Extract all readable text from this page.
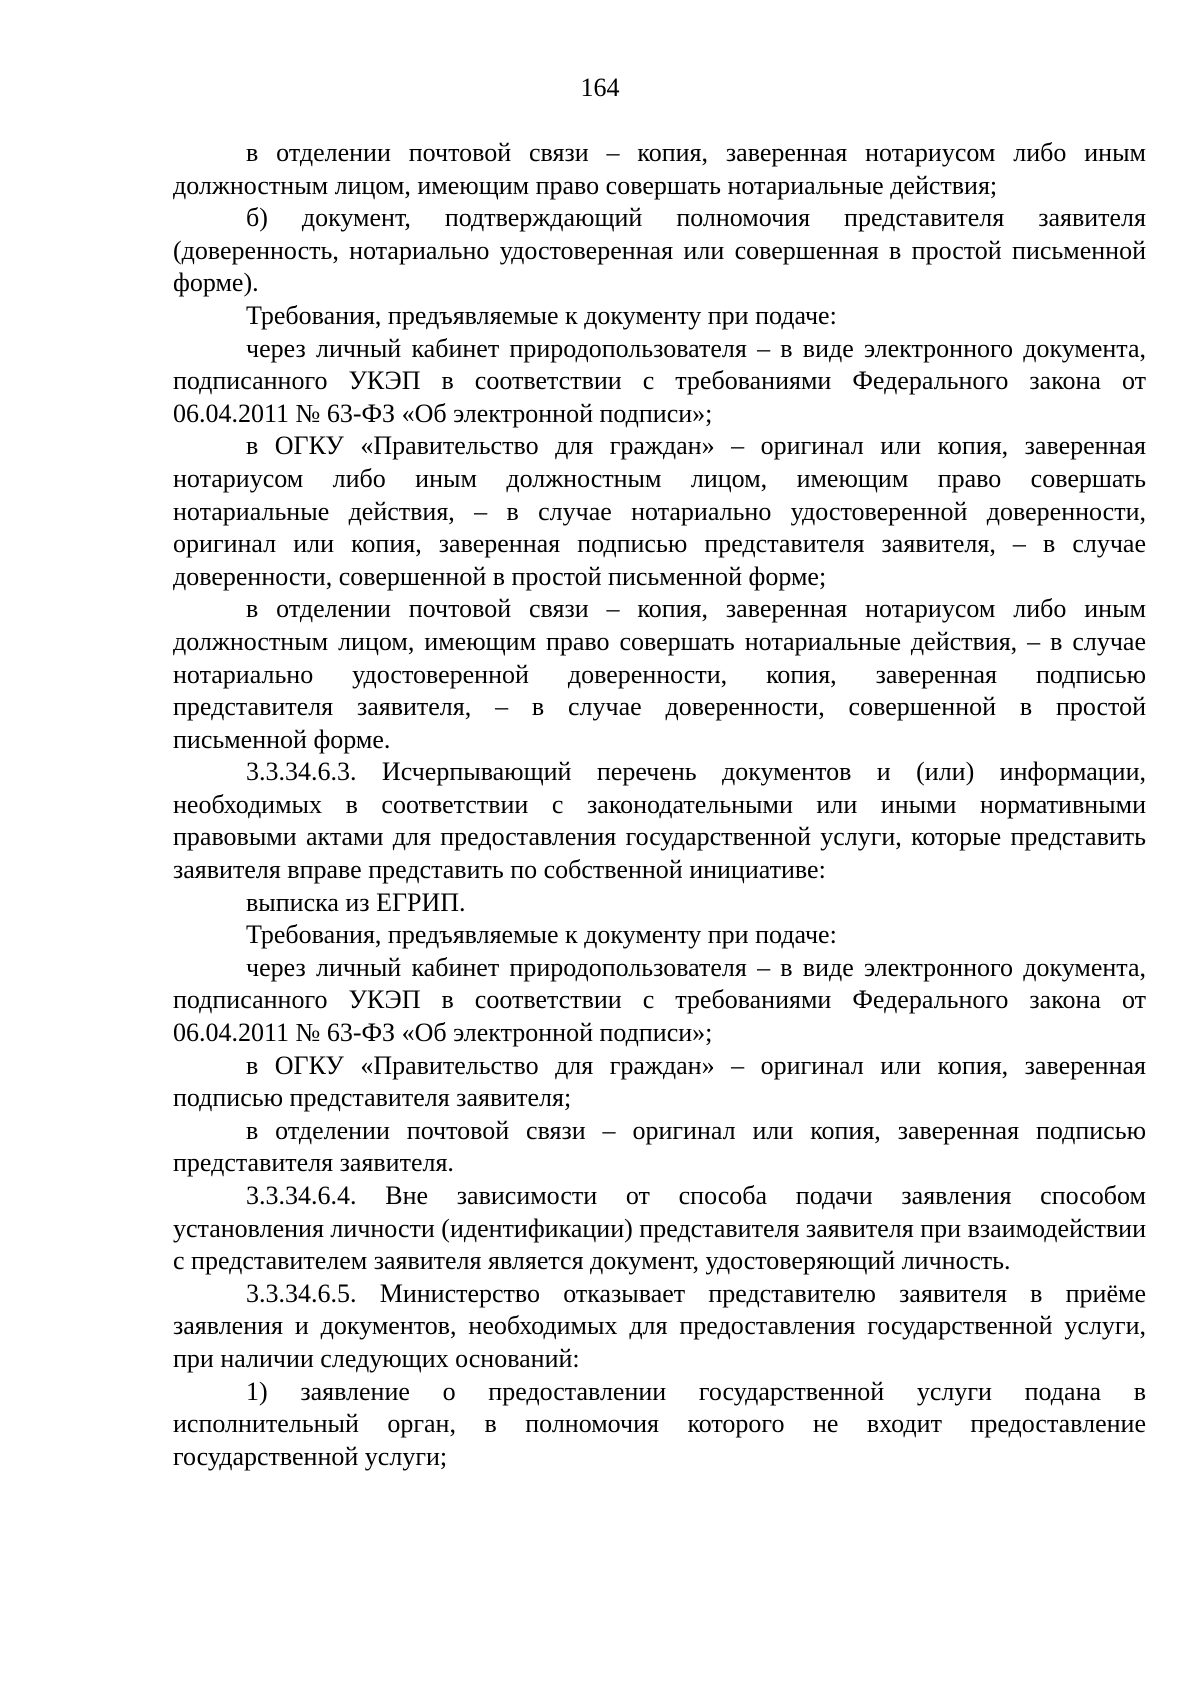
164

в отделении почтовой связи – копия, заверенная нотариусом либо иным должностным лицом, имеющим право совершать нотариальные действия;

б) документ, подтверждающий полномочия представителя заявителя (доверенность, нотариально удостоверенная или совершенная в простой письменной форме).

Требования, предъявляемые к документу при подаче:

через личный кабинет природопользователя – в виде электронного документа, подписанного УКЭП в соответствии с требованиями Федерального закона от 06.04.2011 № 63-ФЗ «Об электронной подписи»;

в ОГКУ «Правительство для граждан» – оригинал или копия, заверенная нотариусом либо иным должностным лицом, имеющим право совершать нотариальные действия, – в случае нотариально удостоверенной доверенности, оригинал или копия, заверенная подписью представителя заявителя, – в случае доверенности, совершенной в простой письменной форме;

в отделении почтовой связи – копия, заверенная нотариусом либо иным должностным лицом, имеющим право совершать нотариальные действия, – в случае нотариально удостоверенной доверенности, копия, заверенная подписью представителя заявителя, – в случае доверенности, совершенной в простой письменной форме.

3.3.34.6.3. Исчерпывающий перечень документов и (или) информации, необходимых в соответствии с законодательными или иными нормативными правовыми актами для предоставления государственной услуги, которые представить заявителя вправе представить по собственной инициативе:

выписка из ЕГРИП.

Требования, предъявляемые к документу при подаче:

через личный кабинет природопользователя – в виде электронного документа, подписанного УКЭП в соответствии с требованиями Федерального закона от 06.04.2011 № 63-ФЗ «Об электронной подписи»;

в ОГКУ «Правительство для граждан» – оригинал или копия, заверенная подписью представителя заявителя;

в отделении почтовой связи – оригинал или копия, заверенная подписью представителя заявителя.

3.3.34.6.4. Вне зависимости от способа подачи заявления способом установления личности (идентификации) представителя заявителя при взаимодействии с представителем заявителя является документ, удостоверяющий личность.

3.3.34.6.5. Министерство отказывает представителю заявителя в приёме заявления и документов, необходимых для предоставления государственной услуги, при наличии следующих оснований:

1) заявление о предоставлении государственной услуги подана в исполнительный орган, в полномочия которого не входит предоставление государственной услуги;
